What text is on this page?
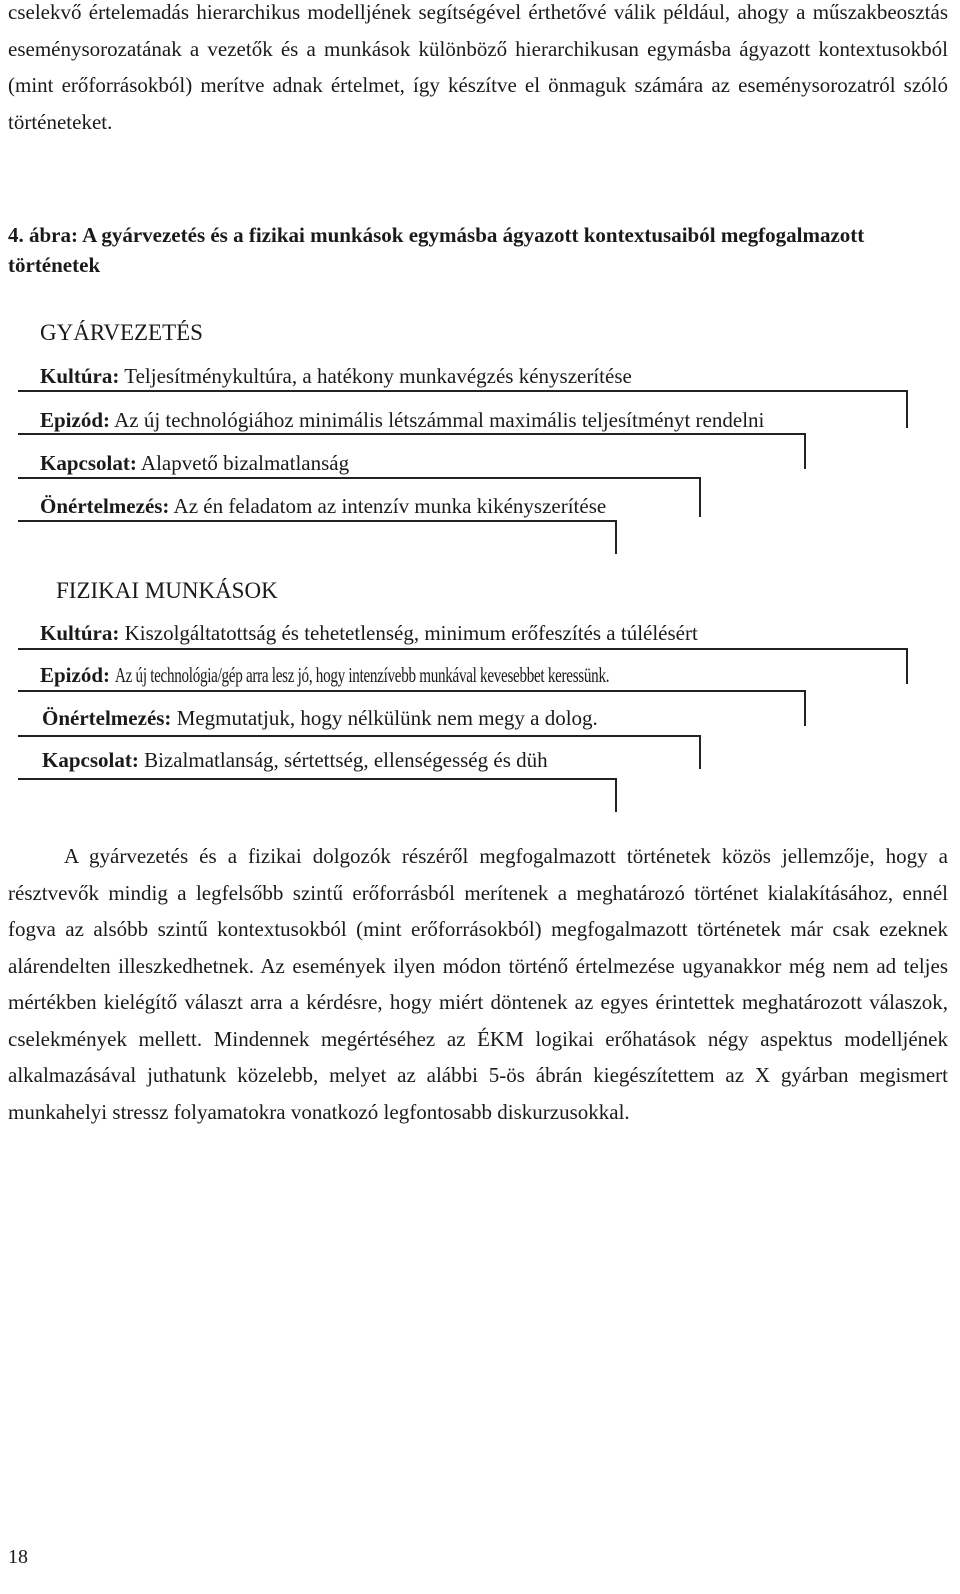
cselekvő értelemadás hierarchikus modelljének segítségével érthetővé válik például, ahogy a műszakbeosztás eseménysorozatának a vezetők és a munkások különböző hierarchikusan egymásba ágyazott kontextusokból (mint erőforrásokból) merítve adnak értelmet, így készítve el önmaguk számára az eseménysorozatról szóló történeteket.

4. ábra: A gyárvezetés és a fizikai munkások egymásba ágyazott kontextusaiból megfogalmazott történetek

GYÁRVEZETÉS
Kultúra: Teljesítménykultúra, a hatékony munkavégzés kényszerítése
Epizód: Az új technológiához minimális létszámmal maximális teljesítményt rendelni
Kapcsolat: Alapvető bizalmatlanság
Önértelmezés: Az én feladatom az intenzív munka kikényszerítése
FIZIKAI MUNKÁSOK
Kultúra: Kiszolgáltatottság és tehetetlenség, minimum erőfeszítés a túlélésért
Epizód: Az új technológia/gép arra lesz jó, hogy intenzívebb munkával kevesebbet keressünk.
Önértelmezés: Megmutatjuk, hogy nélkülünk nem megy a dolog.
Kapcsolat: Bizalmatlanság, sértettség, ellenségesség és düh

A gyárvezetés és a fizikai dolgozók részéről megfogalmazott történetek közös jellemzője, hogy a résztvevők mindig a legfelsőbb szintű erőforrásból merítenek a meghatározó történet kialakításához, ennél fogva az alsóbb szintű kontextusokból (mint erőforrásokból) megfogalmazott történetek már csak ezeknek alárendelten illeszkedhetnek. Az események ilyen módon történő értelmezése ugyanakkor még nem ad teljes mértékben kielégítő választ arra a kérdésre, hogy miért döntenek az egyes érintettek meghatározott válaszok, cselekmények mellett. Mindennek megértéséhez az ÉKM logikai erőhatások négy aspektus modelljének alkalmazásával juthatunk közelebb, melyet az alábbi 5-ös ábrán kiegészítettem az X gyárban megismert munkahelyi stressz folyamatokra vonatkozó legfontosabb diskurzusokkal.

18
